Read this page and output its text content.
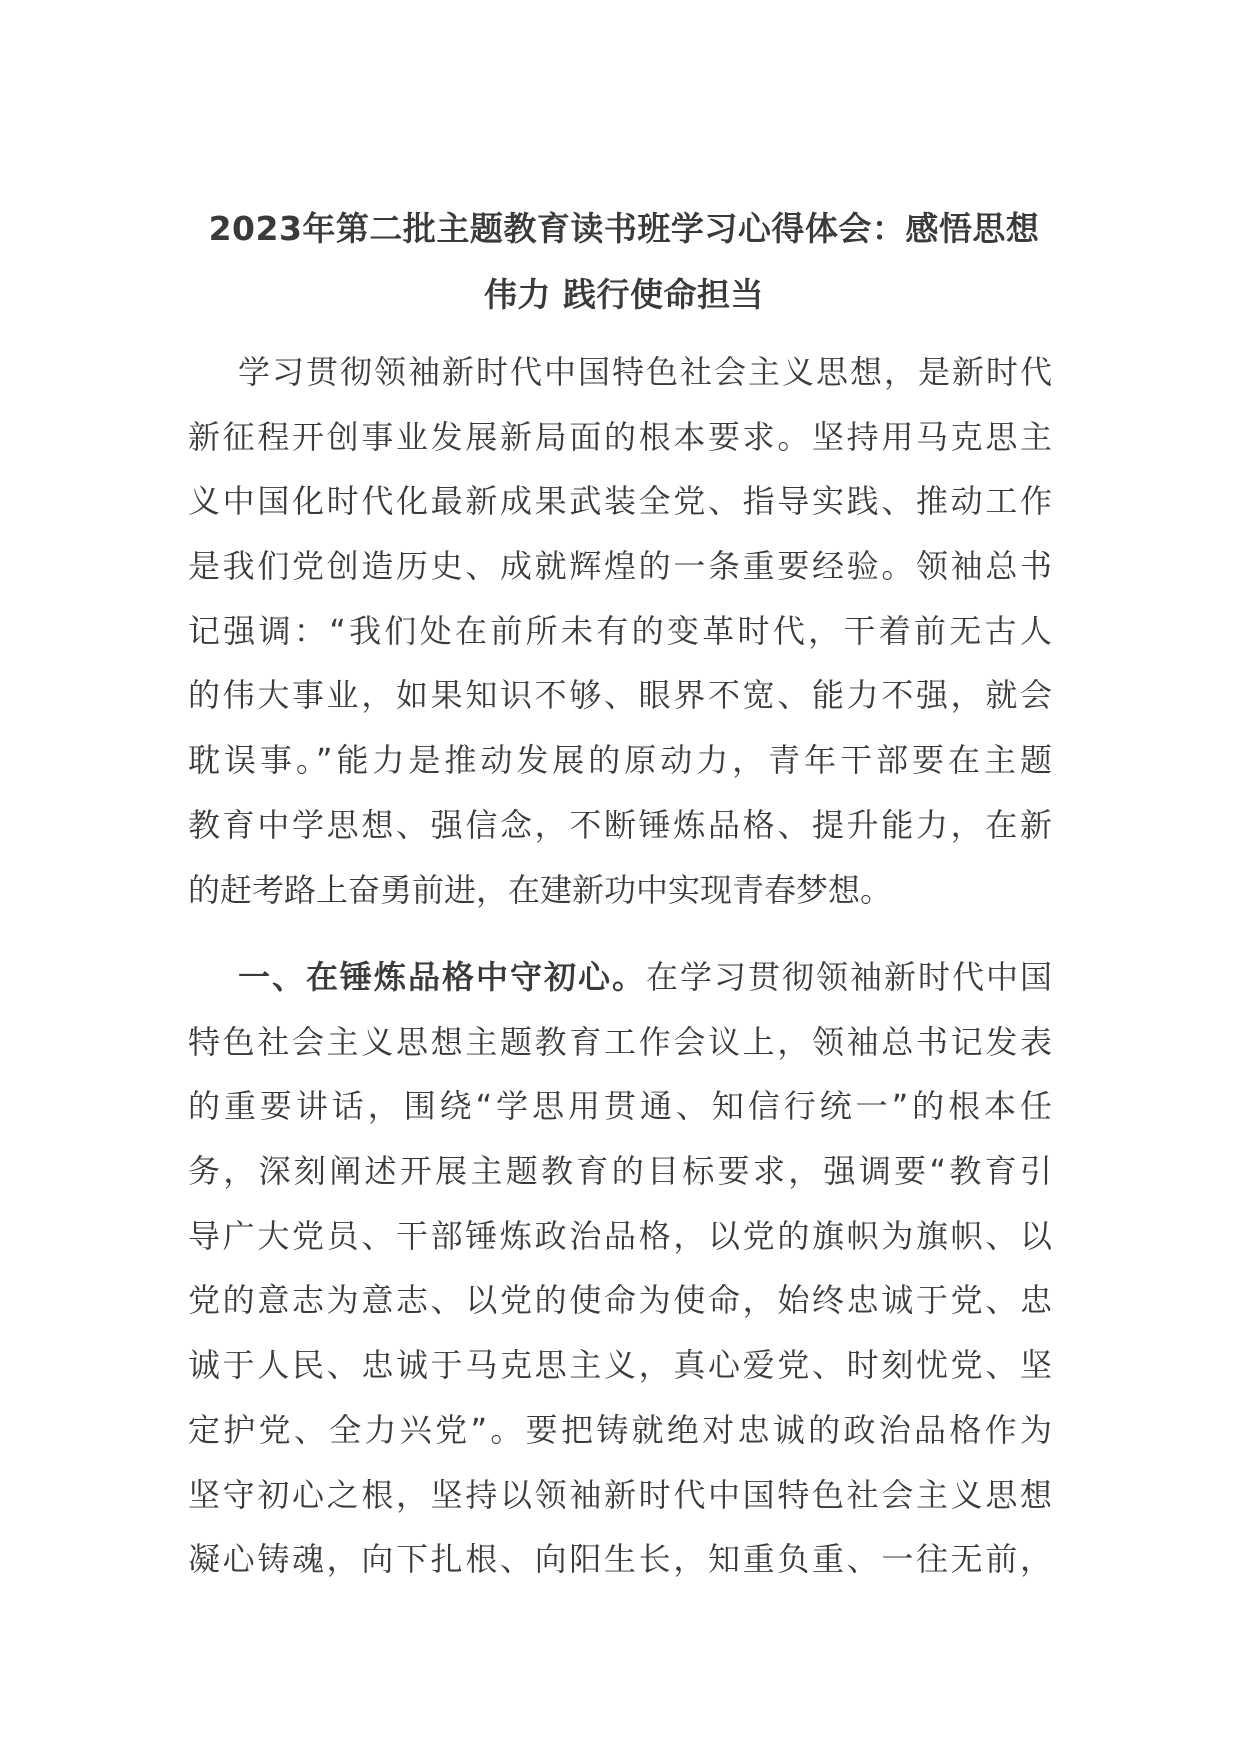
2023年第二批主题教育读书班学习心得体会：感悟思想
伟力 践行使命担当
学习贯彻领袖新时代中国特色社会主义思想，是新时代
新征程开创事业发展新局面的根本要求。坚持用马克思主
义中国化时代化最新成果武装全党、指导实践、推动工作
是我们党创造历史、成就辉煌的一条重要经验。领袖总书
记强调：“我们处在前所未有的变革时代，干着前无古人
的伟大事业，如果知识不够、眼界不宽、能力不强，就会
耽误事。”能力是推动发展的原动力，青年干部要在主题
教育中学思想、强信念，不断锤炼品格、提升能力，在新
的赶考路上奋勇前进，在建新功中实现青春梦想。
一、在锤炼品格中守初心。在学习贯彻领袖新时代中国
特色社会主义思想主题教育工作会议上，领袖总书记发表
的重要讲话，围绕“学思用贯通、知信行统一”的根本任
务，深刻阐述开展主题教育的目标要求，强调要“教育引
导广大党员、干部锤炼政治品格，以党的旗帜为旗帜、以
党的意志为意志、以党的使命为使命，始终忠诚于党、忠
诚于人民、忠诚于马克思主义，真心爱党、时刻忧党、坚
定护党、全力兴党”。要把铸就绝对忠诚的政治品格作为
坚守初心之根，坚持以领袖新时代中国特色社会主义思想
凝心铸魂，向下扎根、向阳生长，知重负重、一往无前，
